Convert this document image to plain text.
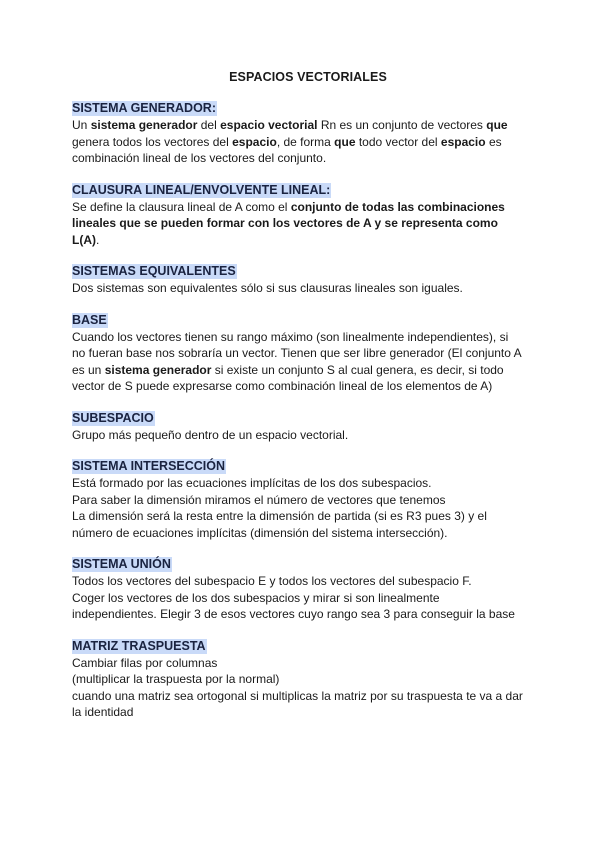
ESPACIOS VECTORIALES
SISTEMA GENERADOR:
Un sistema generador del espacio vectorial Rn es un conjunto de vectores que
genera todos los vectores del espacio, de forma que todo vector del espacio es
combinación lineal de los vectores del conjunto.
CLAUSURA LINEAL/ENVOLVENTE LINEAL:
Se define la clausura lineal de A como el conjunto de todas las combinaciones
lineales que se pueden formar con los vectores de A y se representa como
L(A).
SISTEMAS EQUIVALENTES
Dos sistemas son equivalentes sólo si sus clausuras lineales son iguales.
BASE
Cuando los vectores tienen su rango máximo (son linealmente independientes), si
no fueran base nos sobraría un vector. Tienen que ser libre generador (El conjunto A
es un sistema generador si existe un conjunto S al cual genera, es decir, si todo
vector de S puede expresarse como combinación lineal de los elementos de A)
SUBESPACIO
Grupo más pequeño dentro de un espacio vectorial.
SISTEMA INTERSECCIÓN
Está formado por las ecuaciones implícitas de los dos subespacios.
Para saber la dimensión miramos el número de vectores que tenemos
La dimensión será la resta entre la dimensión de partida (si es R3 pues 3) y el
número de ecuaciones implícitas (dimensión del sistema intersección).
SISTEMA UNIÓN
Todos los vectores del subespacio E y todos los vectores del subespacio F.
Coger los vectores de los dos subespacios y mirar si son linealmente
independientes. Elegir 3 de esos vectores cuyo rango sea 3 para conseguir la base
MATRIZ TRASPUESTA
Cambiar filas por columnas
(multiplicar la traspuesta por la normal)
cuando una matriz sea ortogonal si multiplicas la matriz por su traspuesta te va a dar
la identidad
